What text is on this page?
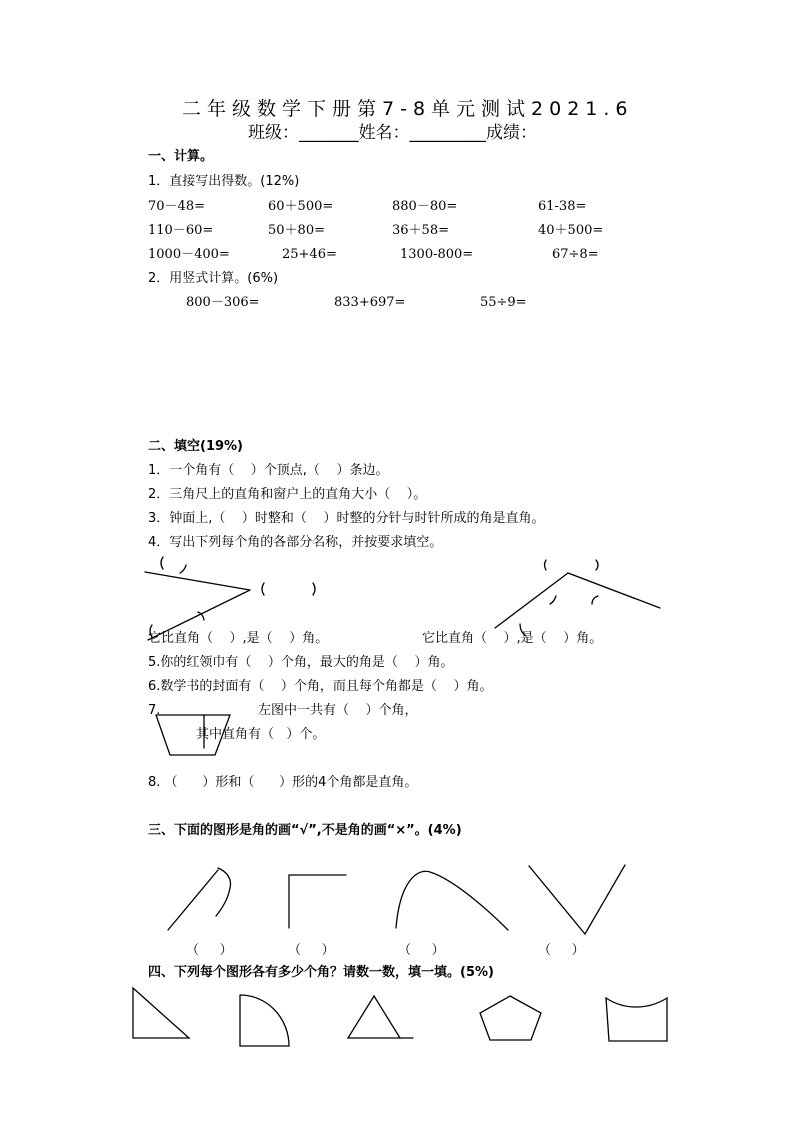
二年级数学下册第7-8单元测试2021.6
班级：_______姓名：_________成绩：
一、计算。
1．直接写出得数。(12%)
70－48=	60＋500=	880－80=	61-38=
110－60=	50＋80=	36＋58=	40＋500=
1000－400=	25+46=	1300-800=	67÷8=
2．用竖式计算。(6%)
800－306=	833+697=	55÷9=
二、填空(19%)
1．一个角有（    ）个顶点,（    ）条边。
2．三角尺上的直角和窗户上的直角大小（    ）。
3．钟面上,（    ）时整和（    ）时整的分针与时针所成的角是直角。
4．写出下列每个角的各部分名称，并按要求填空。
它比直角（    ）,是（    ）角。	它比直角（    ）,是（    ）角。
5.你的红领巾有（    ）个角，最大的角是（    ）角。
6.数学书的封面有（    ）个角，而且每个角都是（    ）角。
7.	左图中一共有（    ）个角，
其中直角有（   ）个。
8. （      ）形和（      ）形的4个角都是直角。
三、下面的图形是角的画“√”,不是角的画“×”。(4%)
（     ）	（     ）	（     ）	（     ）
四、下列每个图形各有多少个角？请数一数，填一填。(5%)
